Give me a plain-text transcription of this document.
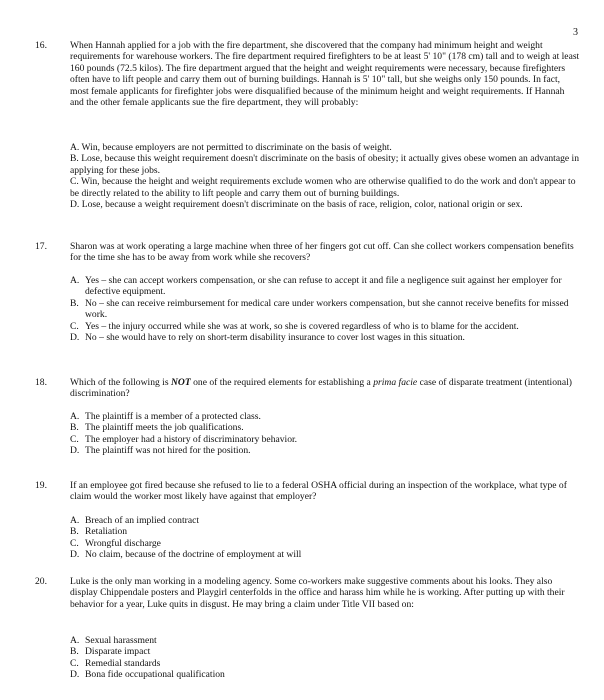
3
16. When Hannah applied for a job with the fire department, she discovered that the company had minimum height and weight requirements for warehouse workers. The fire department required firefighters to be at least 5' 10" (178 cm) tall and to weigh at least 160 pounds (72.5 kilos). The fire department argued that the height and weight requirements were necessary, because firefighters often have to lift people and carry them out of burning buildings. Hannah is 5' 10" tall, but she weighs only 150 pounds. In fact, most female applicants for firefighter jobs were disqualified because of the minimum height and weight requirements. If Hannah and the other female applicants sue the fire department, they will probably:

A. Win, because employers are not permitted to discriminate on the basis of weight.

B. Lose, because this weight requirement doesn't discriminate on the basis of obesity; it actually gives obese women an advantage in applying for these jobs.

C. Win, because the height and weight requirements exclude women who are otherwise qualified to do the work and don't appear to be directly related to the ability to lift people and carry them out of burning buildings.

D. Lose, because a weight requirement doesn't discriminate on the basis of race, religion, color, national origin or sex.

17. Sharon was at work operating a large machine when three of her fingers got cut off. Can she collect workers compensation benefits for the time she has to be away from work while she recovers?

A. Yes – she can accept workers compensation, or she can refuse to accept it and file a negligence suit against her employer for defective equipment.
B. No – she can receive reimbursement for medical care under workers compensation, but she cannot receive benefits for missed work.
C. Yes – the injury occurred while she was at work, so she is covered regardless of who is to blame for the accident.
D. No – she would have to rely on short-term disability insurance to cover lost wages in this situation.
18. Which of the following is NOT one of the required elements for establishing a prima facie case of disparate treatment (intentional) discrimination?

A. The plaintiff is a member of a protected class.
B. The plaintiff meets the job qualifications.
C. The employer had a history of discriminatory behavior.
D. The plaintiff was not hired for the position.
19. If an employee got fired because she refused to lie to a federal OSHA official during an inspection of the workplace, what type of claim would the worker most likely have against that employer?

A. Breach of an implied contract
B. Retaliation
C. Wrongful discharge
D. No claim, because of the doctrine of employment at will
20. Luke is the only man working in a modeling agency. Some co-workers make suggestive comments about his looks. They also display Chippendale posters and Playgirl centerfolds in the office and harass him while he is working. After putting up with their behavior for a year, Luke quits in disgust. He may bring a claim under Title VII based on:

A. Sexual harassment
B. Disparate impact
C. Remedial standards
D. Bona fide occupational qualification
